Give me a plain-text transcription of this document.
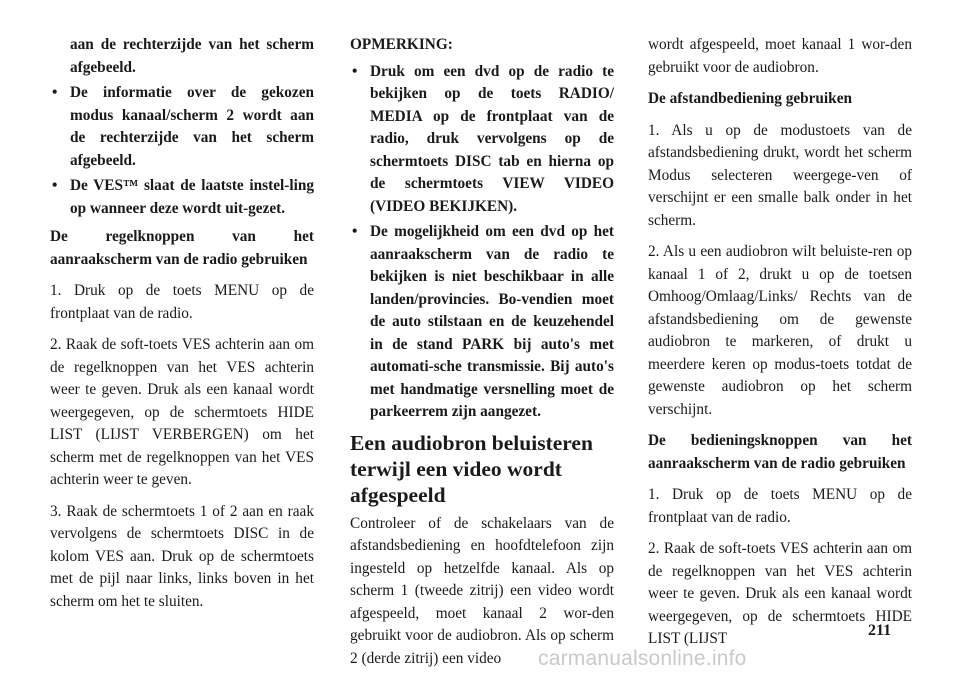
aan de rechterzijde van het scherm afgebeeld.
• De informatie over de gekozen modus kanaal/scherm 2 wordt aan de rechterzijde van het scherm afgebeeld.
• De VES™ slaat de laatste instel-ling op wanneer deze wordt uit-gezet.

De regelknoppen van het aanraakscherm van de radio gebruiken

1. Druk op de toets MENU op de frontplaat van de radio.

2. Raak de soft-toets VES achterin aan om de regelknoppen van het VES achterin weer te geven. Druk als een kanaal wordt weergegeven, op de schermtoets HIDE LIST (LIJST VERBERGEN) om het scherm met de regelknoppen van het VES achterin weer te geven.

3. Raak de schermtoets 1 of 2 aan en raak vervolgens de schermtoets DISC in de kolom VES aan. Druk op de schermtoets met de pijl naar links, links boven in het scherm om het te sluiten.

OPMERKING:

• Druk om een dvd op de radio te bekijken op de toets RADIO/ MEDIA op de frontplaat van de radio, druk vervolgens op de schermtoets DISC tab en hierna op de schermtoets VIEW VIDEO (VIDEO BEKIJKEN).
• De mogelijkheid om een dvd op het aanraakscherm van de radio te bekijken is niet beschikbaar in alle landen/provincies. Bo-vendien moet de auto stilstaan en de keuzehendel in de stand PARK bij auto's met automati-sche transmissie. Bij auto's met handmatige versnelling moet de parkeerrem zijn aangezet.
Een audiobron beluisteren terwijl een video wordt afgespeeld

Controleer of de schakelaars van de afstandsbediening en hoofdtelefoon zijn ingesteld op hetzelfde kanaal. Als op scherm 1 (tweede zitrij) een video wordt afgespeeld, moet kanaal 2 wor-den gebruikt voor de audiobron. Als op scherm 2 (derde zitrij) een video

wordt afgespeeld, moet kanaal 1 wor-den gebruikt voor de audiobron.

De afstandbediening gebruiken

1. Als u op de modustoets van de afstandsbediening drukt, wordt het scherm Modus selecteren weergege-ven of verschijnt er een smalle balk onder in het scherm.

2. Als u een audiobron wilt beluiste-ren op kanaal 1 of 2, drukt u op de toetsen Omhoog/Omlaag/Links/ Rechts van de afstandsbediening om de gewenste audiobron te markeren, of drukt u meerdere keren op modus-toets totdat de gewenste audiobron op het scherm verschijnt.

De bedieningsknoppen van het aanraakscherm van de radio gebruiken

1. Druk op de toets MENU op de frontplaat van de radio.

2. Raak de soft-toets VES achterin aan om de regelknoppen van het VES achterin weer te geven. Druk als een kanaal wordt weergegeven, op de schermtoets HIDE LIST (LIJST	211
carmanualsonline.info
